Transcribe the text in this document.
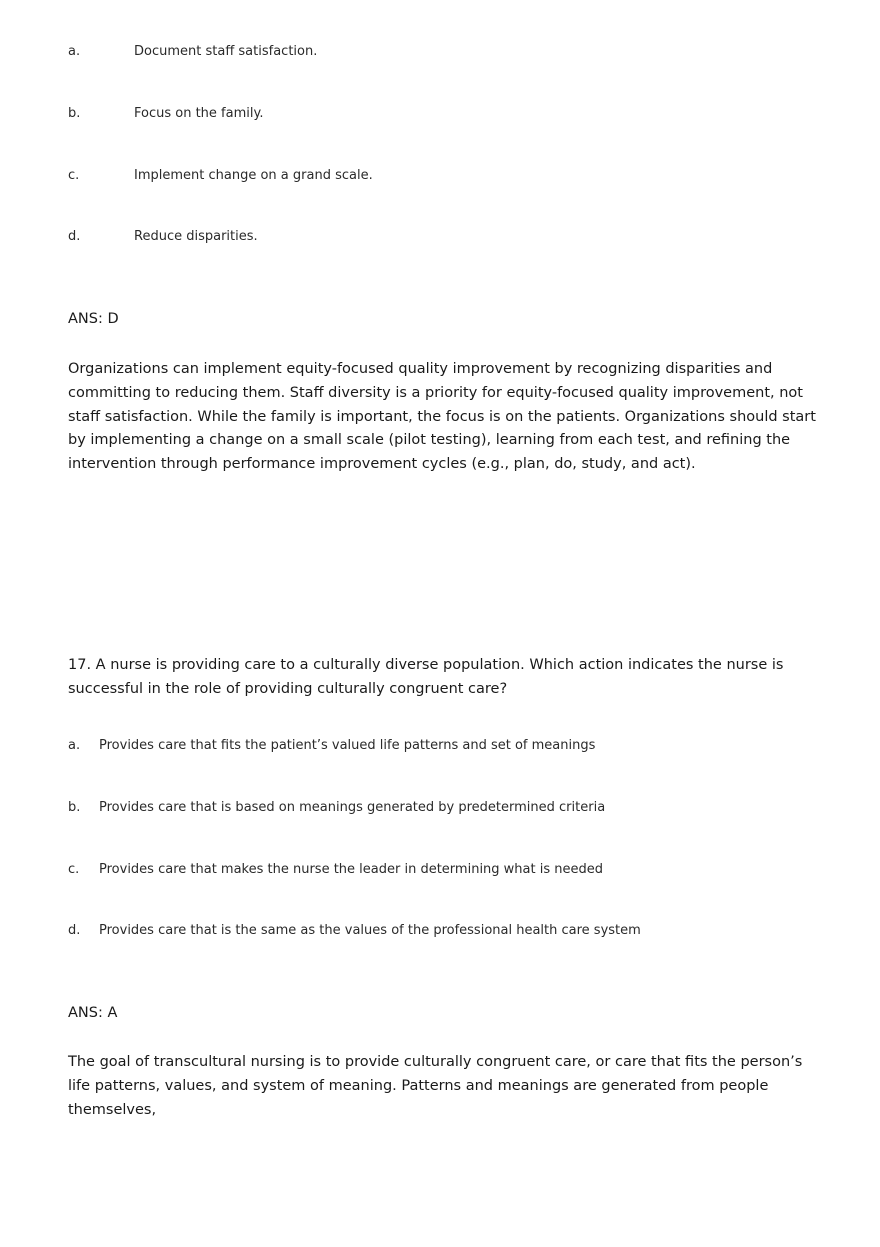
a.	Document staff satisfaction.
b.	Focus on the family.
c.	Implement change on a grand scale.
d.	Reduce disparities.
ANS: D
Organizations can implement equity-focused quality improvement by recognizing disparities and committing to reducing them. Staff diversity is a priority for equity-focused quality improvement, not staff satisfaction. While the family is important, the focus is on the patients. Organizations should start by implementing a change on a small scale (pilot testing), learning from each test, and refining the intervention through performance improvement cycles (e.g., plan, do, study, and act).
17. A nurse is providing care to a culturally diverse population. Which action indicates the nurse is successful in the role of providing culturally congruent care?
a. Provides care that fits the patient’s valued life patterns and set of meanings
b. Provides care that is based on meanings generated by predetermined criteria
c. Provides care that makes the nurse the leader in determining what is needed
d. Provides care that is the same as the values of the professional health care system
ANS: A
The goal of transcultural nursing is to provide culturally congruent care, or care that fits the person’s life patterns, values, and system of meaning. Patterns and meanings are generated from people themselves,
